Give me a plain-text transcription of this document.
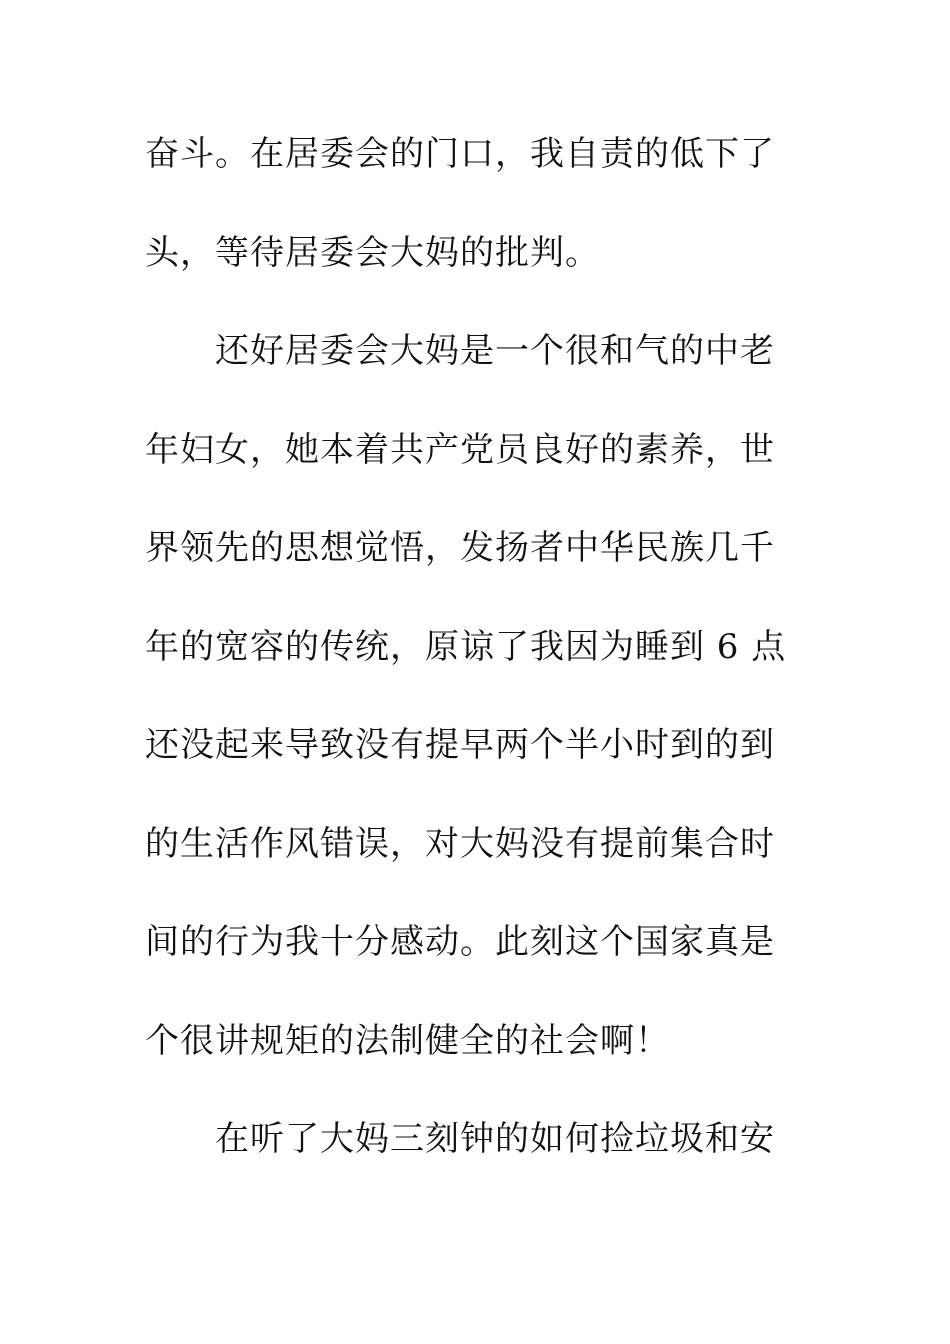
奋斗。在居委会的门口，我自责的低下了
头，等待居委会大妈的批判。
还好居委会大妈是一个很和气的中老
年妇女，她本着共产党员良好的素养，世
界领先的思想觉悟，发扬者中华民族几千
年的宽容的传统，原谅了我因为睡到 6 点
还没起来导致没有提早两个半小时到的到
的生活作风错误，对大妈没有提前集合时
间的行为我十分感动。此刻这个国家真是
个很讲规矩的法制健全的社会啊！
在听了大妈三刻钟的如何捡垃圾和安
